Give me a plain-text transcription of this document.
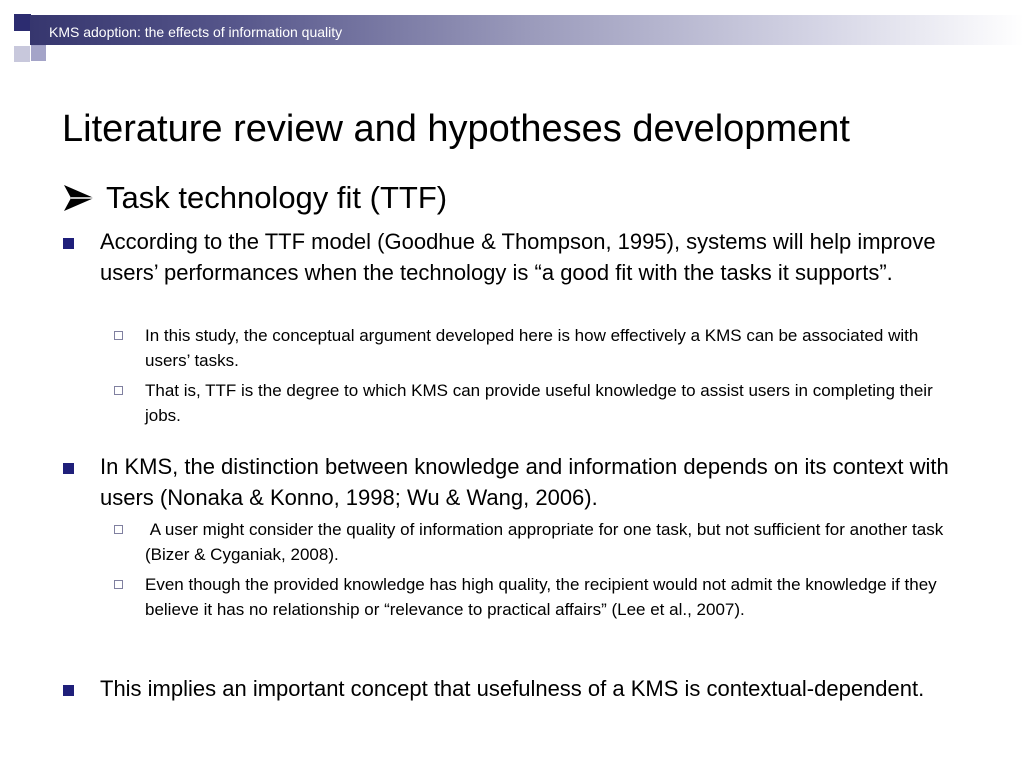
KMS adoption: the effects of information quality
Literature review and hypotheses development
Task technology fit (TTF)
According to the TTF model (Goodhue & Thompson, 1995), systems will help improve users’ performances when the technology is “a good fit with the tasks it supports”.
In this study, the conceptual argument developed here is how effectively a KMS can be associated with users’ tasks.
That is, TTF is the degree to which KMS can provide useful knowledge to assist users in completing their jobs.
In KMS, the distinction between knowledge and information depends on its context with users (Nonaka & Konno, 1998; Wu & Wang, 2006).
A user might consider the quality of information appropriate for one task, but not sufficient for another task (Bizer & Cyganiak, 2008).
Even though the provided knowledge has high quality, the recipient would not admit the knowledge if they believe it has no relationship or “relevance to practical affairs” (Lee et al., 2007).
This implies an important concept that usefulness of a KMS is contextual-dependent.
